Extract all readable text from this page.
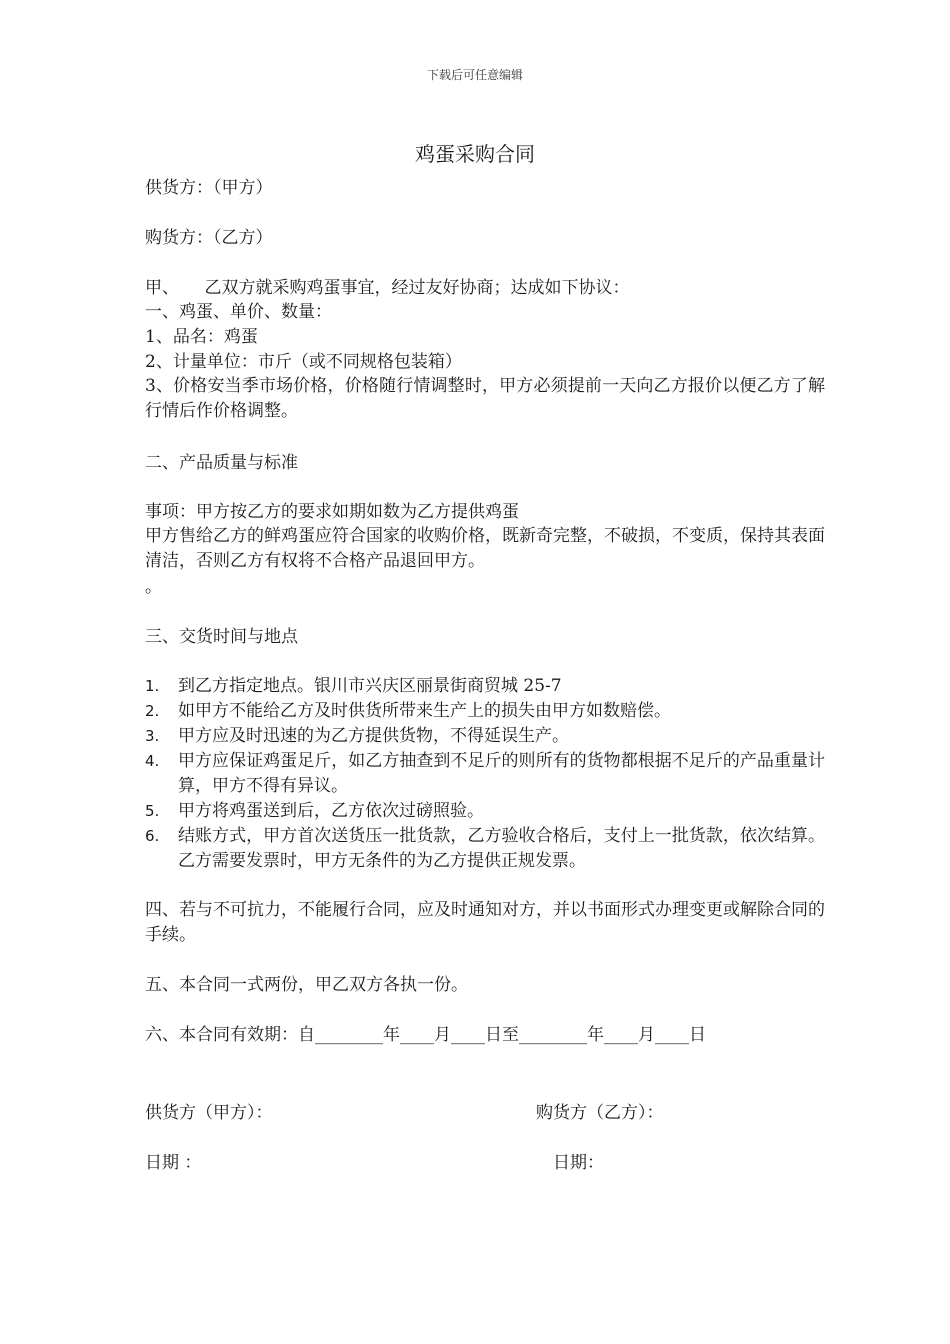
下载后可任意编辑
鸡蛋采购合同
供货方：（甲方）
购货方：（乙方）
甲、　　乙双方就采购鸡蛋事宜，经过友好协商；达成如下协议：
一、鸡蛋、单价、数量：
1、品名：鸡蛋
2、计量单位：市斤（或不同规格包装箱）
3、价格安当季市场价格，价格随行情调整时，甲方必须提前一天向乙方报价以便乙方了解行情后作价格调整。
二、产品质量与标准
事项：甲方按乙方的要求如期如数为乙方提供鸡蛋
甲方售给乙方的鲜鸡蛋应符合国家的收购价格，既新奇完整，不破损，不变质，保持其表面清洁，否则乙方有权将不合格产品退回甲方。
。
三、交货时间与地点
1.	到乙方指定地点。银川市兴庆区丽景街商贸城 25-7
2.	如甲方不能给乙方及时供货所带来生产上的损失由甲方如数赔偿。
3.	甲方应及时迅速的为乙方提供货物，不得延误生产。
4.	甲方应保证鸡蛋足斤，如乙方抽查到不足斤的则所有的货物都根据不足斤的产品重量计算，甲方不得有异议。
5.	甲方将鸡蛋送到后，乙方依次过磅照验。
6.	结账方式，甲方首次送货压一批货款，乙方验收合格后，支付上一批货款，依次结算。乙方需要发票时，甲方无条件的为乙方提供正规发票。
四、若与不可抗力，不能履行合同，应及时通知对方，并以书面形式办理变更或解除合同的手续。
五、本合同一式两份，甲乙双方各执一份。
六、本合同有效期：自________年____月____日至________年____月____日
供货方（甲方）：	购货方（乙方）：
日期 ：	日期：
